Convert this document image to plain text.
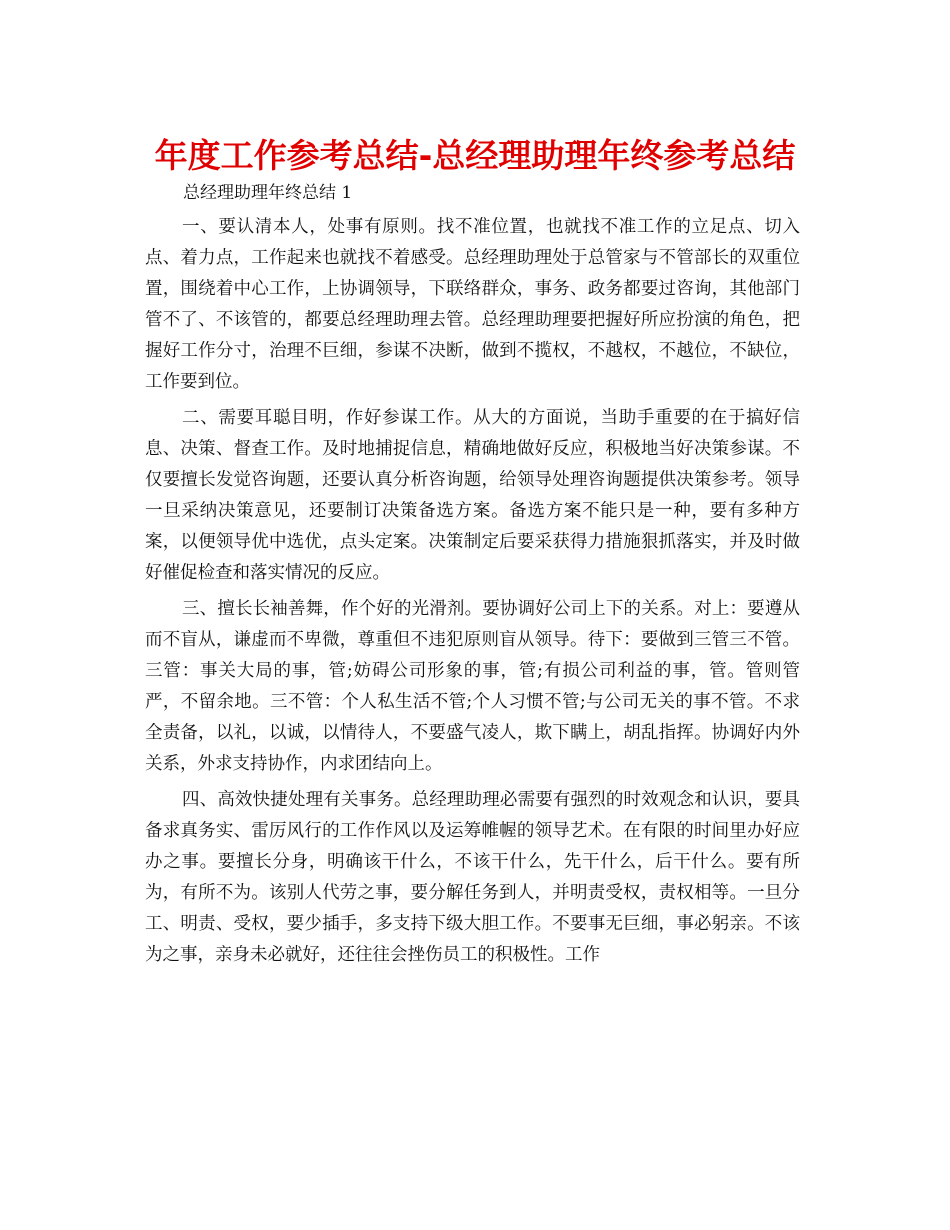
年度工作参考总结-总经理助理年终参考总结
总经理助理年终总结 1

一、要认清本人，处事有原则。找不准位置，也就找不准工作的立足点、切入点、着力点，工作起来也就找不着感受。总经理助理处于总管家与不管部长的双重位置，围绕着中心工作，上协调领导，下联络群众，事务、政务都要过咨询，其他部门管不了、不该管的，都要总经理助理去管。总经理助理要把握好所应扮演的角色，把握好工作分寸，治理不巨细，参谋不决断，做到不揽权，不越权，不越位，不缺位，工作要到位。

二、需要耳聪目明，作好参谋工作。从大的方面说，当助手重要的在于搞好信息、决策、督查工作。及时地捕捉信息，精确地做好反应，积极地当好决策参谋。不仅要擅长发觉咨询题，还要认真分析咨询题，给领导处理咨询题提供决策参考。领导一旦采纳决策意见，还要制订决策备选方案。备选方案不能只是一种，要有多种方案，以便领导优中选优，点头定案。决策制定后要采获得力措施狠抓落实，并及时做好催促检查和落实情况的反应。

三、擅长长袖善舞，作个好的光滑剂。要协调好公司上下的关系。对上：要遵从而不盲从，谦虚而不卑微，尊重但不违犯原则盲从领导。待下：要做到三管三不管。三管：事关大局的事，管;妨碍公司形象的事，管;有损公司利益的事，管。管则管严，不留余地。三不管：个人私生活不管;个人习惯不管;与公司无关的事不管。不求全责备，以礼，以诚，以情待人，不要盛气凌人，欺下瞒上，胡乱指挥。协调好内外关系，外求支持协作，内求团结向上。

四、高效快捷处理有关事务。总经理助理必需要有强烈的时效观念和认识，要具备求真务实、雷厉风行的工作作风以及运筹帷幄的领导艺术。在有限的时间里办好应办之事。要擅长分身，明确该干什么，不该干什么，先干什么，后干什么。要有所为，有所不为。该别人代劳之事，要分解任务到人，并明责受权，责权相等。一旦分工、明责、受权，要少插手，多支持下级大胆工作。不要事无巨细，事必躬亲。不该为之事，亲身未必就好，还往往会挫伤员工的积极性。工作
